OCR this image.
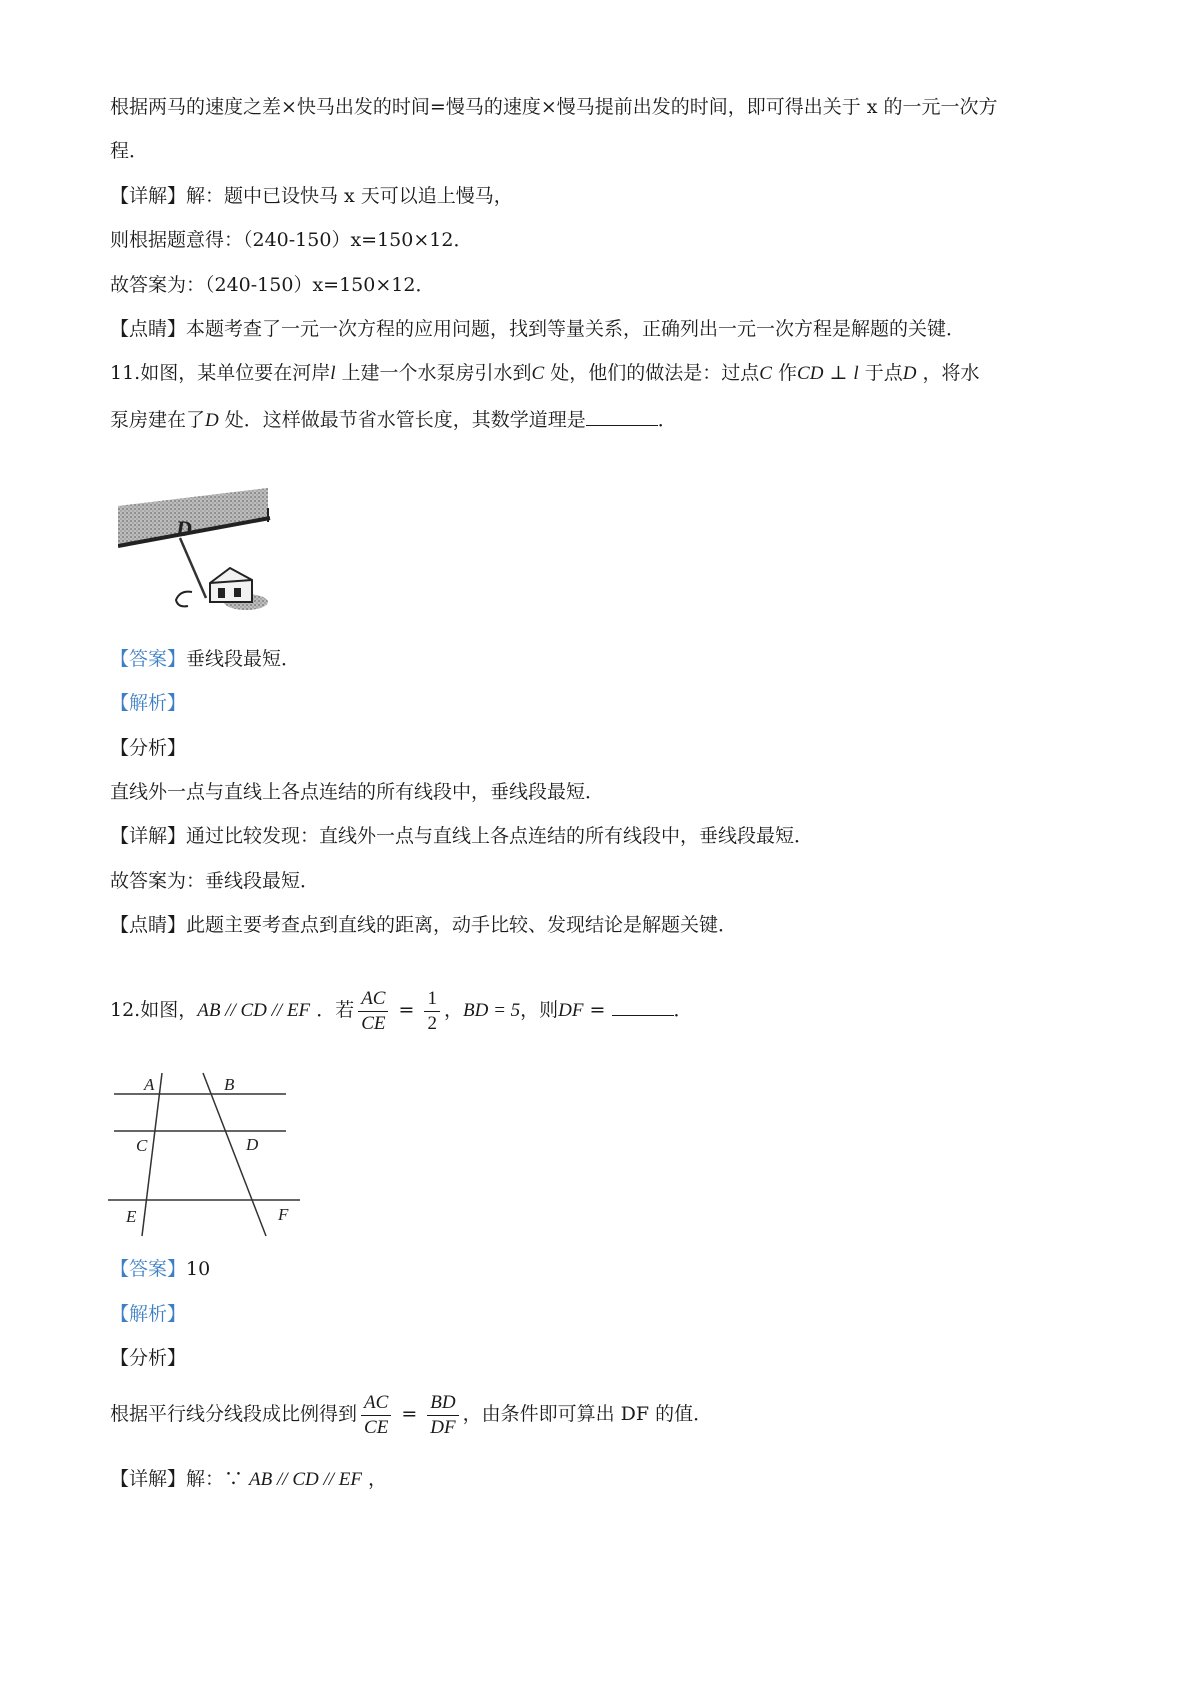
根据两马的速度之差×快马出发的时间=慢马的速度×慢马提前出发的时间，即可得出关于 x 的一元一次方
程．
【详解】解：题中已设快马 x 天可以追上慢马，
则根据题意得：（240-150）x=150×12．
故答案为：（240-150）x=150×12．
【点睛】本题考查了一元一次方程的应用问题，找到等量关系，正确列出一元一次方程是解题的关键．
11.如图，某单位要在河岸l 上建一个水泵房引水到C 处，他们的做法是：过点C 作CD ⊥ l 于点D ，将水
泵房建在了D 处．这样做最节省水管长度，其数学道理是	．
D
【答案】垂线段最短．
【解析】
【分析】
直线外一点与直线上各点连结的所有线段中，垂线段最短．
【详解】通过比较发现：直线外一点与直线上各点连结的所有线段中，垂线段最短．
故答案为：垂线段最短．
【点睛】此题主要考查点到直线的距离，动手比较、发现结论是解题关键．
12.如图，AB // CD // EF ．若 $\frac{AC}{CE} = \frac{1}{2}$ ，BD = 5，则DF =	．
A	B
C	D
E	F
【答案】10
【解析】
【分析】
根据平行线分线段成比例得到 $\frac{AC}{CE} = \frac{BD}{DF}$ ，由条件即可算出 DF 的值．
【详解】解：∵ AB // CD // EF ，
